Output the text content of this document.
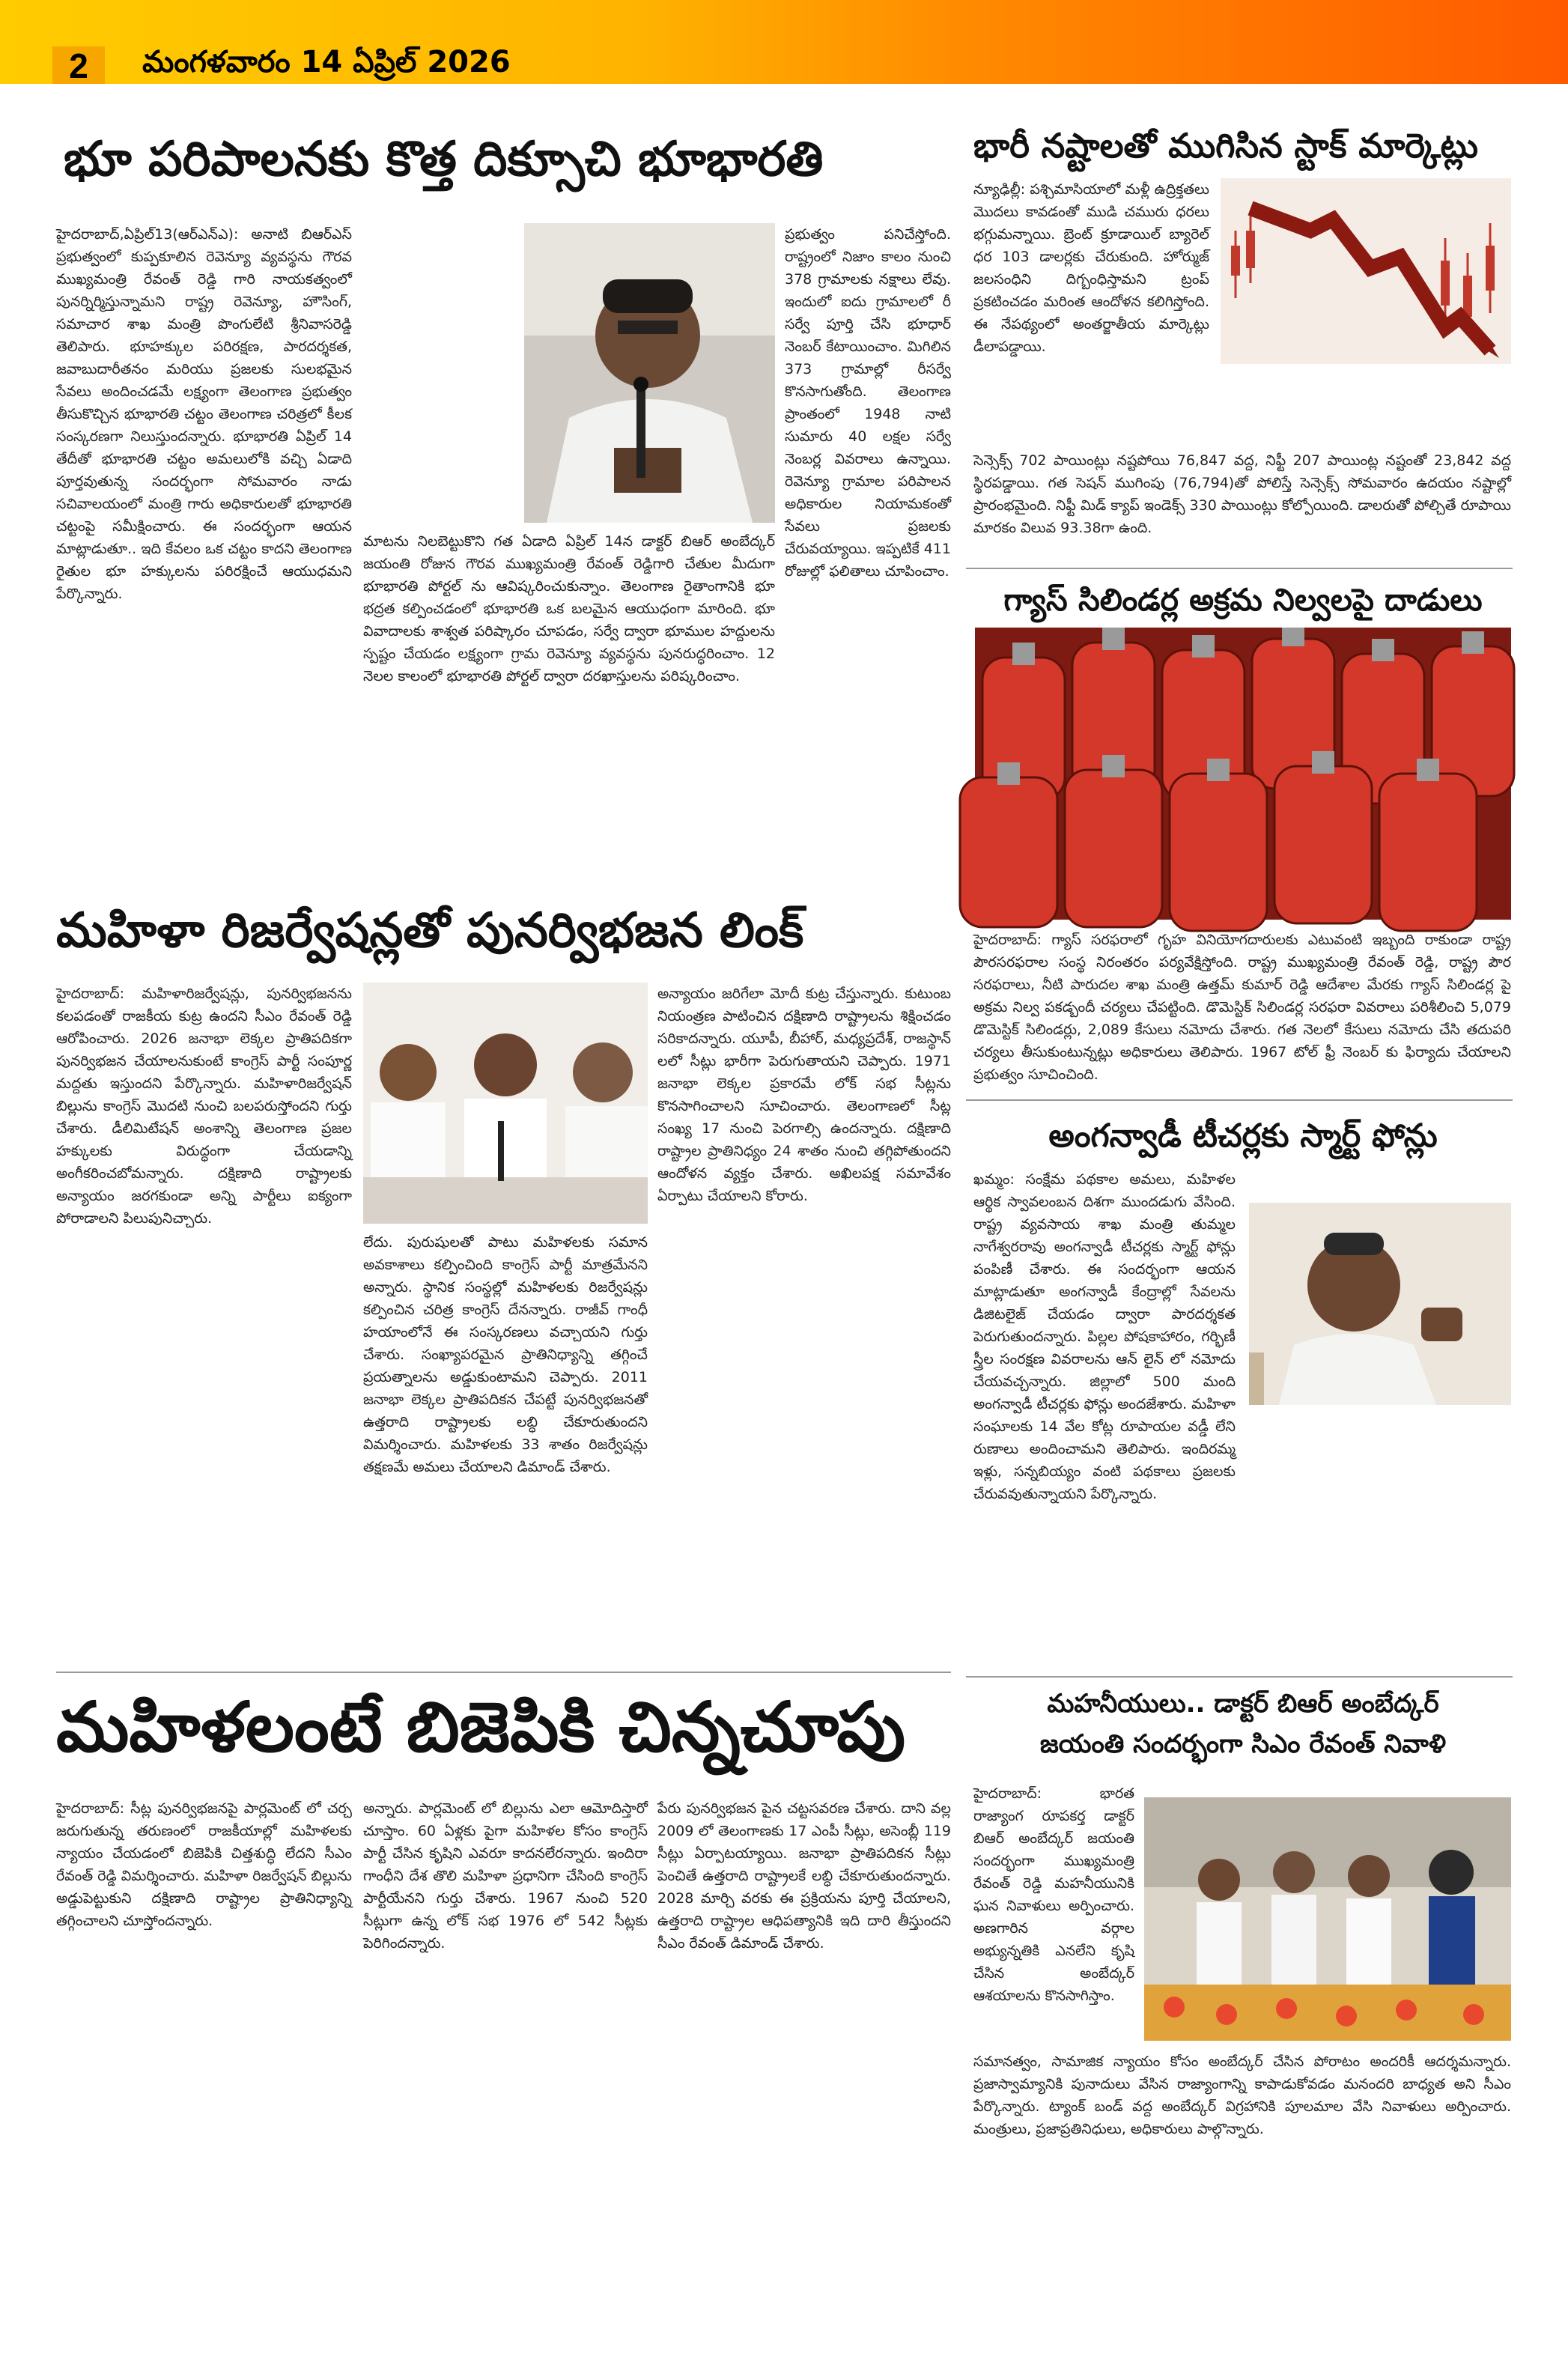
2	మంగళవారం 14 ఏప్రిల్ 2026
భూ పరిపాలనకు కొత్త దిక్సూచి భూభారతి
హైదరాబాద్,ఏప్రిల్13(ఆర్ఎన్ఎ): అనాటి బిఆర్ఎస్ ప్రభుత్వంలో కుప్పకూలిన రెవెన్యూ వ్యవస్థను గౌరవ ముఖ్యమంత్రి రేవంత్ రెడ్డి గారి నాయకత్వంలో పునర్నిర్మిస్తున్నామని రాష్ట్ర రెవెన్యూ, హౌసింగ్, సమాచార శాఖ మంత్రి పొంగులేటి శ్రీనివాసరెడ్డి తెలిపారు. భూహక్కుల పరిరక్షణ, పారదర్శకత, జవాబుదారీతనం మరియు ప్రజలకు సులభమైన సేవలు అందించడమే లక్ష్యంగా తెలంగాణ ప్రభుత్వం తీసుకొచ్చిన భూభారతి చట్టం తెలంగాణ చరిత్రలో కీలక సంస్కరణగా నిలుస్తుందన్నారు. భూభారతి ఏప్రిల్ 14 తేదీతో భూభారతి చట్టం అమలులోకి వచ్చి ఏడాది పూర్తవుతున్న సందర్భంగా సోమవారం నాడు సచివాలయంలో మంత్రి గారు అధికారులతో భూభారతి చట్టంపై సమీక్షించారు. ఈ సందర్భంగా ఆయన మాట్లాడుతూ.. ఇది కేవలం ఒక చట్టం కాదని తెలంగాణ రైతుల భూ హక్కులను పరిరక్షించే ఆయుధమని పేర్కొన్నారు.
మాటను నిలబెట్టుకొని గత ఏడాది ఏప్రిల్ 14న డాక్టర్ బిఆర్ అంబేద్కర్ జయంతి రోజున గౌరవ ముఖ్యమంత్రి రేవంత్ రెడ్డిగారి చేతుల మీదుగా భూభారతి పోర్టల్ ను ఆవిష్కరించుకున్నాం. తెలంగాణ రైతాంగానికి భూ భద్రత కల్పించడంలో భూభారతి ఒక బలమైన ఆయుధంగా మారింది. భూ వివాదాలకు శాశ్వత పరిష్కారం చూపడం, సర్వే ద్వారా భూముల హద్దులను స్పష్టం చేయడం లక్ష్యంగా గ్రామ రెవెన్యూ వ్యవస్థను పునరుద్ధరించాం. 12 నెలల కాలంలో భూభారతి పోర్టల్ ద్వారా దరఖాస్తులను పరిష్కరించాం.
ప్రభుత్వం పనిచేస్తోంది. రాష్ట్రంలో నిజాం కాలం నుంచి 378 గ్రామాలకు నక్షాలు లేవు. ఇందులో ఐదు గ్రామాలలో రీ సర్వే పూర్తి చేసి భూధార్ నెంబర్ కేటాయించాం. మిగిలిన 373 గ్రామాల్లో రీసర్వే కొనసాగుతోంది. తెలంగాణ ప్రాంతంలో 1948 నాటి సుమారు 40 లక్షల సర్వే నెంబర్ల వివరాలు ఉన్నాయి. రెవెన్యూ గ్రామాల పరిపాలన అధికారుల నియామకంతో సేవలు ప్రజలకు చేరువయ్యాయి. ఇప్పటికే 411 రోజుల్లో ఫలితాలు చూపించాం.
భారీ నష్టాలతో ముగిసిన స్టాక్ మార్కెట్లు
న్యూఢిల్లీ: పశ్చిమాసియాలో మళ్లీ ఉద్రిక్తతలు మొదలు కావడంతో ముడి చమురు ధరలు భగ్గుమన్నాయి. బ్రెంట్ క్రూడాయిల్ బ్యారెల్ ధర 103 డాలర్లకు చేరుకుంది. హోర్ముజ్ జలసంధిని దిగ్బంధిస్తామని ట్రంప్ ప్రకటించడం మరింత ఆందోళన కలిగిస్తోంది. ఈ నేపథ్యంలో అంతర్జాతీయ మార్కెట్లు డీలాపడ్డాయి.
సెన్సెక్స్ 702 పాయింట్లు నష్టపోయి 76,847 వద్ద, నిఫ్టీ 207 పాయింట్ల నష్టంతో 23,842 వద్ద స్థిరపడ్డాయి. గత సెషన్ ముగింపు (76,794)తో పోలిస్తే సెన్సెక్స్ సోమవారం ఉదయం నష్టాల్లో ప్రారంభమైంది. నిఫ్టీ మిడ్ క్యాప్ ఇండెక్స్ 330 పాయింట్లు కోల్పోయింది. డాలరుతో పోల్చితే రూపాయి మారకం విలువ 93.38గా ఉంది.
గ్యాస్ సిలిండర్ల అక్రమ నిల్వలపై దాడులు
హైదరాబాద్: గ్యాస్ సరఫరాలో గృహ వినియోగదారులకు ఎటువంటి ఇబ్బంది రాకుండా రాష్ట్ర పౌరసరఫరాల సంస్థ నిరంతరం పర్యవేక్షిస్తోంది. రాష్ట్ర ముఖ్యమంత్రి రేవంత్ రెడ్డి, రాష్ట్ర పౌర సరఫరాలు, నీటి పారుదల శాఖ మంత్రి ఉత్తమ్ కుమార్ రెడ్డి ఆదేశాల మేరకు గ్యాస్ సిలిండర్ల పై అక్రమ నిల్వ పకడ్బందీ చర్యలు చేపట్టింది. డొమెస్టిక్ సిలిండర్ల సరఫరా వివరాలు పరిశీలించి 5,079 డొమెస్టిక్ సిలిండర్లు, 2,089 కేసులు నమోదు చేశారు. గత నెలలో కేసులు నమోదు చేసి తదుపరి చర్యలు తీసుకుంటున్నట్లు అధికారులు తెలిపారు. 1967 టోల్ ఫ్రీ నెంబర్ కు ఫిర్యాదు చేయాలని ప్రభుత్వం సూచించింది.
మహిళా రిజర్వేషన్లతో పునర్విభజన లింక్
హైదరాబాద్: మహిళారిజర్వేషన్లు, పునర్విభజనను కలపడంతో రాజకీయ కుట్ర ఉందని సీఎం రేవంత్ రెడ్డి ఆరోపించారు. 2026 జనాభా లెక్కల ప్రాతిపదికగా పునర్విభజన చేయాలనుకుంటే కాంగ్రెస్ పార్టీ సంపూర్ణ మద్దతు ఇస్తుందని పేర్కొన్నారు. మహిళారిజర్వేషన్ బిల్లును కాంగ్రెస్ మొదటి నుంచి బలపరుస్తోందని గుర్తు చేశారు. డీలిమిటేషన్ అంశాన్ని తెలంగాణ ప్రజల హక్కులకు విరుద్ధంగా చేయడాన్ని అంగీకరించబోమన్నారు. దక్షిణాది రాష్ట్రాలకు అన్యాయం జరగకుండా అన్ని పార్టీలు ఐక్యంగా పోరాడాలని పిలుపునిచ్చారు.
లేదు. పురుషులతో పాటు మహిళలకు సమాన అవకాశాలు కల్పించింది కాంగ్రెస్ పార్టీ మాత్రమేనని అన్నారు. స్థానిక సంస్థల్లో మహిళలకు రిజర్వేషన్లు కల్పించిన చరిత్ర కాంగ్రెస్ దేనన్నారు. రాజీవ్ గాంధీ హయాంలోనే ఈ సంస్కరణలు వచ్చాయని గుర్తు చేశారు. సంఖ్యాపరమైన ప్రాతినిధ్యాన్ని తగ్గించే ప్రయత్నాలను అడ్డుకుంటామని చెప్పారు. 2011 జనాభా లెక్కల ప్రాతిపదికన చేపట్టే పునర్విభజనతో ఉత్తరాది రాష్ట్రాలకు లబ్ధి చేకూరుతుందని విమర్శించారు. మహిళలకు 33 శాతం రిజర్వేషన్లు తక్షణమే అమలు చేయాలని డిమాండ్ చేశారు.
అన్యాయం జరిగేలా మోదీ కుట్ర చేస్తున్నారు. కుటుంబ నియంత్రణ పాటించిన దక్షిణాది రాష్ట్రాలను శిక్షించడం సరికాదన్నారు. యూపీ, బీహార్, మధ్యప్రదేశ్, రాజస్థాన్ లలో సీట్లు భారీగా పెరుగుతాయని చెప్పారు. 1971 జనాభా లెక్కల ప్రకారమే లోక్ సభ సీట్లను కొనసాగించాలని సూచించారు. తెలంగాణలో సీట్ల సంఖ్య 17 నుంచి పెరగాల్సి ఉందన్నారు. దక్షిణాది రాష్ట్రాల ప్రాతినిధ్యం 24 శాతం నుంచి తగ్గిపోతుందని ఆందోళన వ్యక్తం చేశారు. అఖిలపక్ష సమావేశం ఏర్పాటు చేయాలని కోరారు.
అంగన్వాడీ టీచర్లకు స్మార్ట్ ఫోన్లు
ఖమ్మం: సంక్షేమ పథకాల అమలు, మహిళల ఆర్థిక స్వావలంబన దిశగా ముందడుగు వేసింది. రాష్ట్ర వ్యవసాయ శాఖ మంత్రి తుమ్మల నాగేశ్వరరావు అంగన్వాడీ టీచర్లకు స్మార్ట్ ఫోన్లు పంపిణీ చేశారు. ఈ సందర్భంగా ఆయన మాట్లాడుతూ అంగన్వాడీ కేంద్రాల్లో సేవలను డిజిటలైజ్ చేయడం ద్వారా పారదర్శకత పెరుగుతుందన్నారు. పిల్లల పోషకాహారం, గర్భిణీ స్త్రీల సంరక్షణ వివరాలను ఆన్ లైన్ లో నమోదు చేయవచ్చన్నారు. జిల్లాలో 500 మంది అంగన్వాడీ టీచర్లకు ఫోన్లు అందజేశారు. మహిళా సంఘాలకు 14 వేల కోట్ల రూపాయల వడ్డీ లేని రుణాలు అందించామని తెలిపారు. ఇందిరమ్మ ఇళ్లు, సన్నబియ్యం వంటి పథకాలు ప్రజలకు చేరువవుతున్నాయని పేర్కొన్నారు.
మహనీయులు.. డాక్టర్ బిఆర్ అంబేద్కర్
జయంతి సందర్భంగా సిఎం రేవంత్ నివాళి
హైదరాబాద్: భారత రాజ్యాంగ రూపకర్త డాక్టర్ బిఆర్ అంబేద్కర్ జయంతి సందర్భంగా ముఖ్యమంత్రి రేవంత్ రెడ్డి మహనీయునికి ఘన నివాళులు అర్పించారు. అణగారిన వర్గాల అభ్యున్నతికి ఎనలేని కృషి చేసిన అంబేద్కర్ ఆశయాలను కొనసాగిస్తాం.
సమానత్వం, సామాజిక న్యాయం కోసం అంబేద్కర్ చేసిన పోరాటం అందరికీ ఆదర్శమన్నారు. ప్రజాస్వామ్యానికి పునాదులు వేసిన రాజ్యాంగాన్ని కాపాడుకోవడం మనందరి బాధ్యత అని సీఎం పేర్కొన్నారు. ట్యాంక్ బండ్ వద్ద అంబేద్కర్ విగ్రహానికి పూలమాల వేసి నివాళులు అర్పించారు. మంత్రులు, ప్రజాప్రతినిధులు, అధికారులు పాల్గొన్నారు.
మహిళలంటే బిజెపికి చిన్నచూపు
హైదరాబాద్: సీట్ల పునర్విభజనపై పార్లమెంట్ లో చర్చ జరుగుతున్న తరుణంలో రాజకీయాల్లో మహిళలకు న్యాయం చేయడంలో బిజెపికి చిత్తశుద్ధి లేదని సీఎం రేవంత్ రెడ్డి విమర్శించారు. మహిళా రిజర్వేషన్ బిల్లును అడ్డుపెట్టుకుని దక్షిణాది రాష్ట్రాల ప్రాతినిధ్యాన్ని తగ్గించాలని చూస్తోందన్నారు.
అన్నారు. పార్లమెంట్ లో బిల్లును ఎలా ఆమోదిస్తారో చూస్తాం. 60 ఏళ్లకు పైగా మహిళల కోసం కాంగ్రెస్ పార్టీ చేసిన కృషిని ఎవరూ కాదనలేరన్నారు. ఇందిరా గాంధీని దేశ తొలి మహిళా ప్రధానిగా చేసింది కాంగ్రెస్ పార్టీయేనని గుర్తు చేశారు. 1967 నుంచి 520 సీట్లుగా ఉన్న లోక్ సభ 1976 లో 542 సీట్లకు పెరిగిందన్నారు.
పేరు పునర్విభజన పైన చట్టసవరణ చేశారు. దాని వల్ల 2009 లో తెలంగాణకు 17 ఎంపీ సీట్లు, అసెంబ్లీ 119 సీట్లు ఏర్పాటయ్యాయి. జనాభా ప్రాతిపదికన సీట్లు పెంచితే ఉత్తరాది రాష్ట్రాలకే లబ్ధి చేకూరుతుందన్నారు. 2028 మార్చి వరకు ఈ ప్రక్రియను పూర్తి చేయాలని, ఉత్తరాది రాష్ట్రాల ఆధిపత్యానికి ఇది దారి తీస్తుందని సీఎం రేవంత్ డిమాండ్ చేశారు.
